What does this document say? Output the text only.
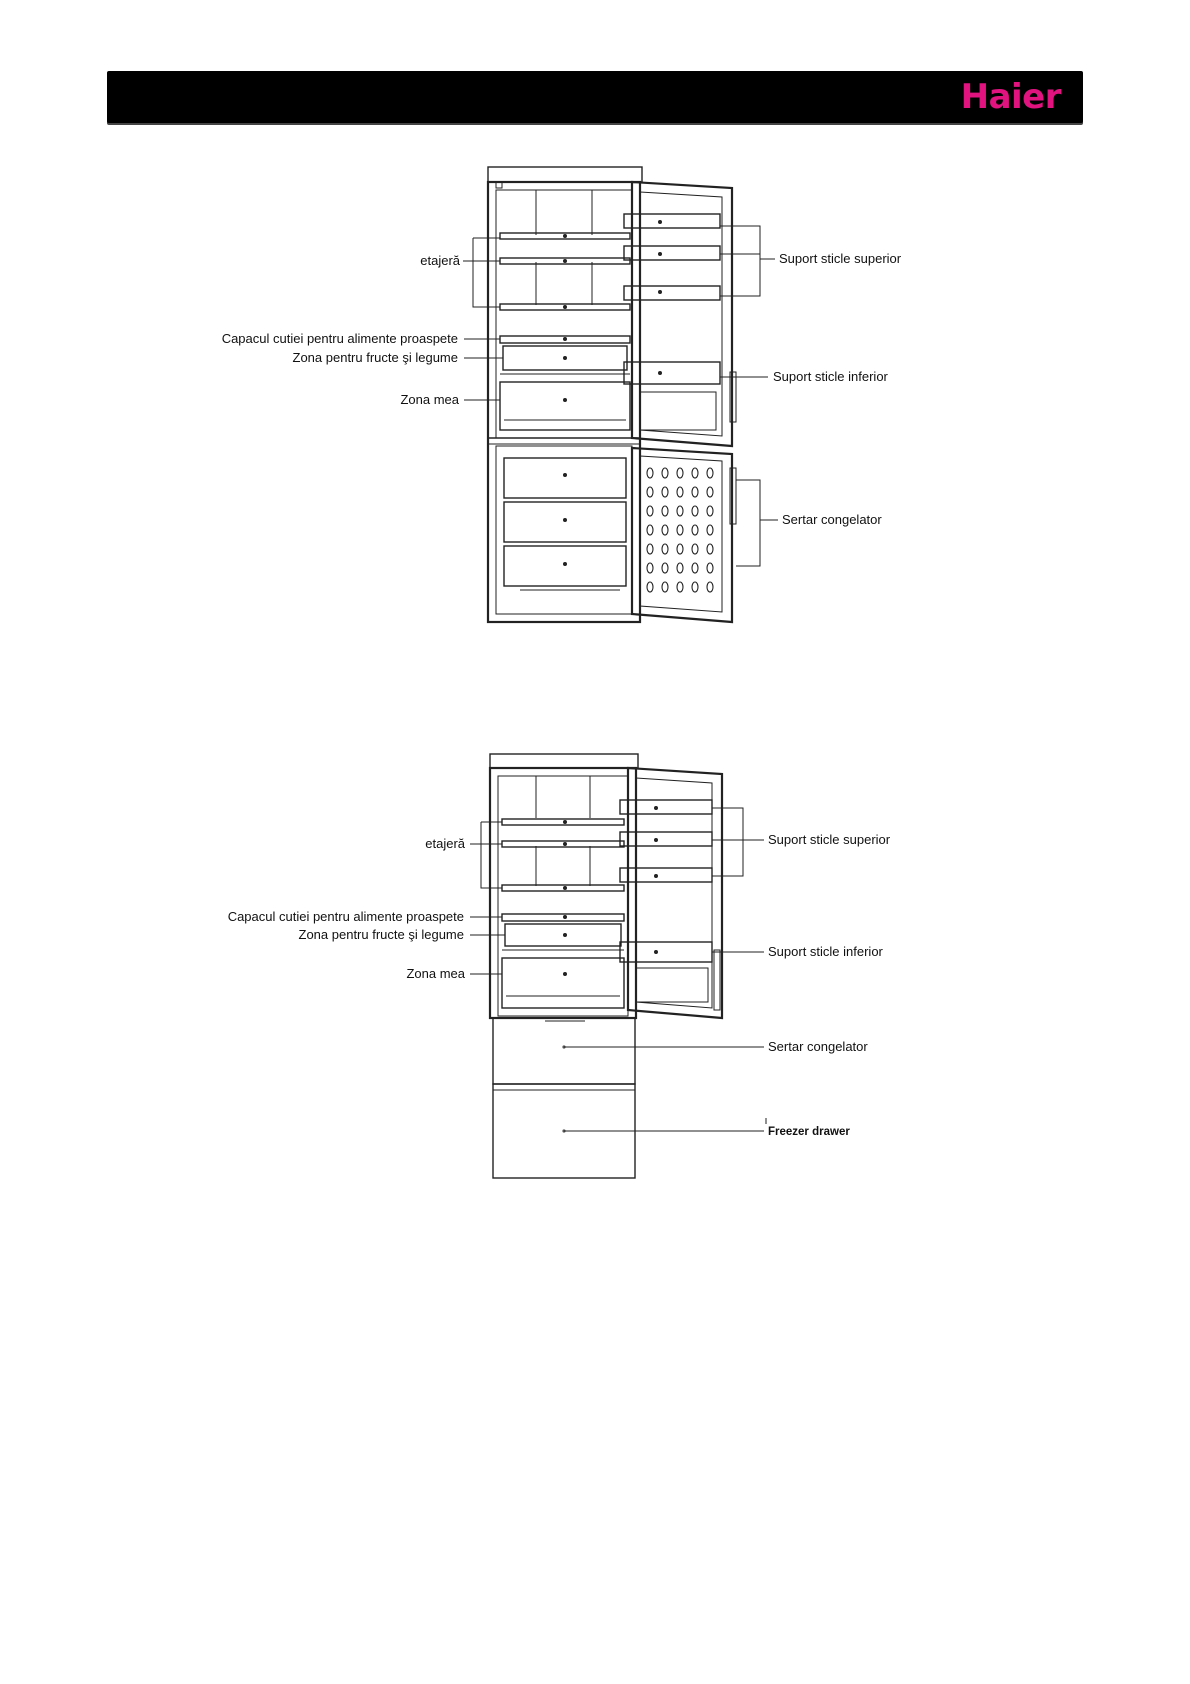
Haier
etajeră
Capacul cutiei pentru alimente proaspete
Zona pentru fructe şi legume
Zona mea
Suport sticle superior
Suport sticle inferior
Sertar congelator
etajeră
Capacul cutiei pentru alimente proaspete
Zona pentru fructe şi legume
Zona mea
Suport sticle superior
Suport sticle inferior
Sertar congelator
Freezer drawer
